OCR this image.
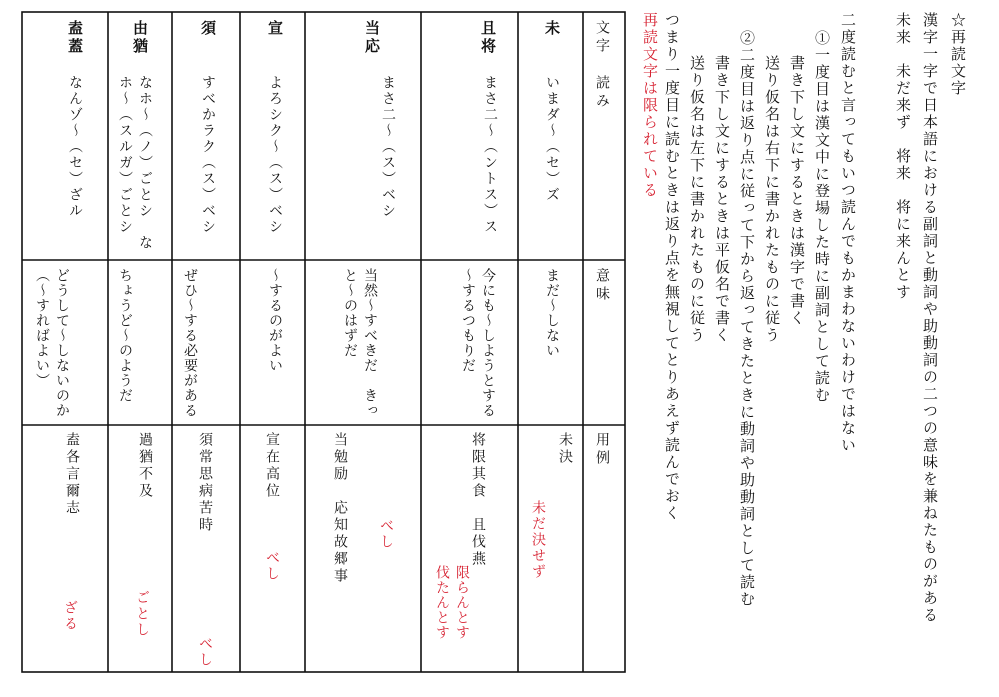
文字
読み
意味
用例
未
いまダ～（セ）ズ
まだ～しない
未決
未だ決せず
且将
まさ二～（ントス）ス
今にも～しようとする　～するつもりだ
将限其食　且伐燕
限らんとす　伐たんとす
当応
まさ二～（ス）ベシ
当然～すべきだ　きっと～のはずだ
当勉励　応知故郷事 べし
宣
よろシク～（ス）ベシ
～するのがよい
宣在高位
べし
須
すべかラク（ス）ベシ
ぜひ～する必要がある
須常思病苦時
べし
由猶
なホ～（ノ）ごとシ　なホ～（スルガ）ごとシ
ちょうど～のようだ
過猶不及
ごとし
盍蓋
なんゾ～（セ）ざル
どうして～しないのか（～すればよい）
盍各言爾志
ざる
☆再読文字
漢字一字で日本語における副詞と動詞や助動詞の二つの意味を兼ねたものがある
未来　未だ来ず　将来　将に来んとす
二度読むと言ってもいつ読んでもかまわないわけではない
①一度目は漢文中に登場した時に副詞として読む
書き下し文にするときは漢字で書く
送り仮名は右下に書かれたものに従う
②二度目は返り点に従って下から返ってきたときに動詞や助動詞として読む
書き下し文にするときは平仮名で書く
送り仮名は左下に書かれたものに従う
つまり一度目に読むときは返り点を無視してとりあえず読んでおく
再読文字は限られている
